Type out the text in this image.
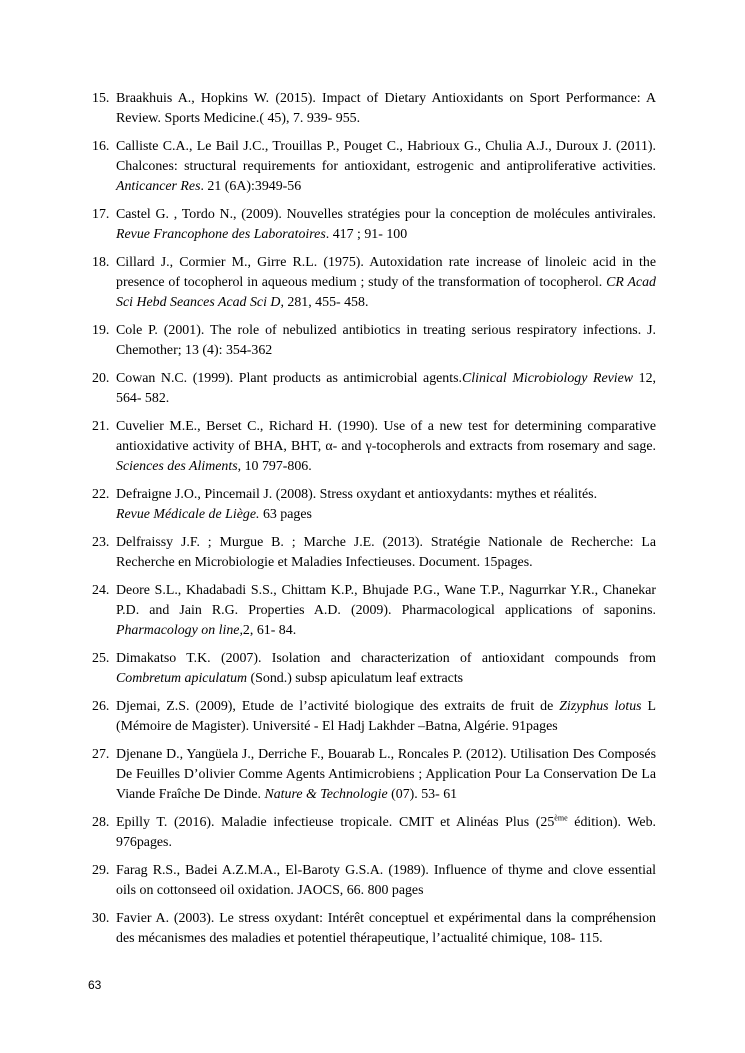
15. Braakhuis A., Hopkins W. (2015). Impact of Dietary Antioxidants on Sport Performance: A Review. Sports Medicine.( 45), 7. 939- 955.
16. Calliste C.A., Le Bail J.C., Trouillas P., Pouget C., Habrioux G., Chulia A.J., Duroux J. (2011). Chalcones: structural requirements for antioxidant, estrogenic and antiproliferative activities. Anticancer Res. 21 (6A):3949-56
17. Castel G. , Tordo N., (2009). Nouvelles stratégies pour la conception de molécules antivirales. Revue Francophone des Laboratoires. 417 ; 91- 100
18. Cillard J., Cormier M., Girre R.L. (1975). Autoxidation rate increase of linoleic acid in the presence of tocopherol in aqueous medium ; study of the transformation of tocopherol. CR Acad Sci Hebd Seances Acad Sci D, 281, 455- 458.
19. Cole P. (2001). The role of nebulized antibiotics in treating serious respiratory infections. J. Chemother; 13 (4): 354-362
20. Cowan N.C. (1999). Plant products as antimicrobial agents.Clinical Microbiology Review 12, 564- 582.
21. Cuvelier M.E., Berset C., Richard H. (1990). Use of a new test for determining comparative antioxidative activity of BHA, BHT, α- and γ-tocopherols and extracts from rosemary and sage. Sciences des Aliments, 10 797-806.
22. Defraigne J.O., Pincemail J. (2008). Stress oxydant et antioxydants: mythes et réalités.
Revue Médicale de Liège. 63 pages
23. Delfraissy J.F. ; Murgue B. ; Marche J.E. (2013). Stratégie Nationale de Recherche: La Recherche en Microbiologie et Maladies Infectieuses. Document. 15pages.
24. Deore S.L., Khadabadi S.S., Chittam K.P., Bhujade P.G., Wane T.P., Nagurrkar Y.R., Chanekar P.D. and Jain R.G. Properties A.D. (2009). Pharmacological applications of saponins. Pharmacology on line,2, 61- 84.
25. Dimakatso T.K. (2007). Isolation and characterization of antioxidant compounds from Combretum apiculatum (Sond.) subsp apiculatum leaf extracts
26. Djemai, Z.S. (2009), Etude de l’activité biologique des extraits de fruit de Zizyphus lotus L (Mémoire de Magister). Université - El Hadj Lakhder –Batna, Algérie. 91pages
27. Djenane D., Yangüela J., Derriche F., Bouarab L., Roncales P. (2012). Utilisation Des Composés De Feuilles D’olivier Comme Agents Antimicrobiens ; Application Pour La Conservation De La Viande Fraîche De Dinde. Nature & Technologie (07). 53- 61
28. Epilly T. (2016). Maladie infectieuse tropicale. CMIT et Alinéas Plus (25ème édition). Web. 976pages.
29. Farag R.S., Badei A.Z.M.A., El-Baroty G.S.A. (1989). Influence of thyme and clove essential oils on cottonseed oil oxidation. JAOCS, 66. 800 pages
30. Favier A. (2003). Le stress oxydant: Intérêt conceptuel et expérimental dans la compréhension des mécanismes des maladies et potentiel thérapeutique, l’actualité chimique, 108- 115.
63
